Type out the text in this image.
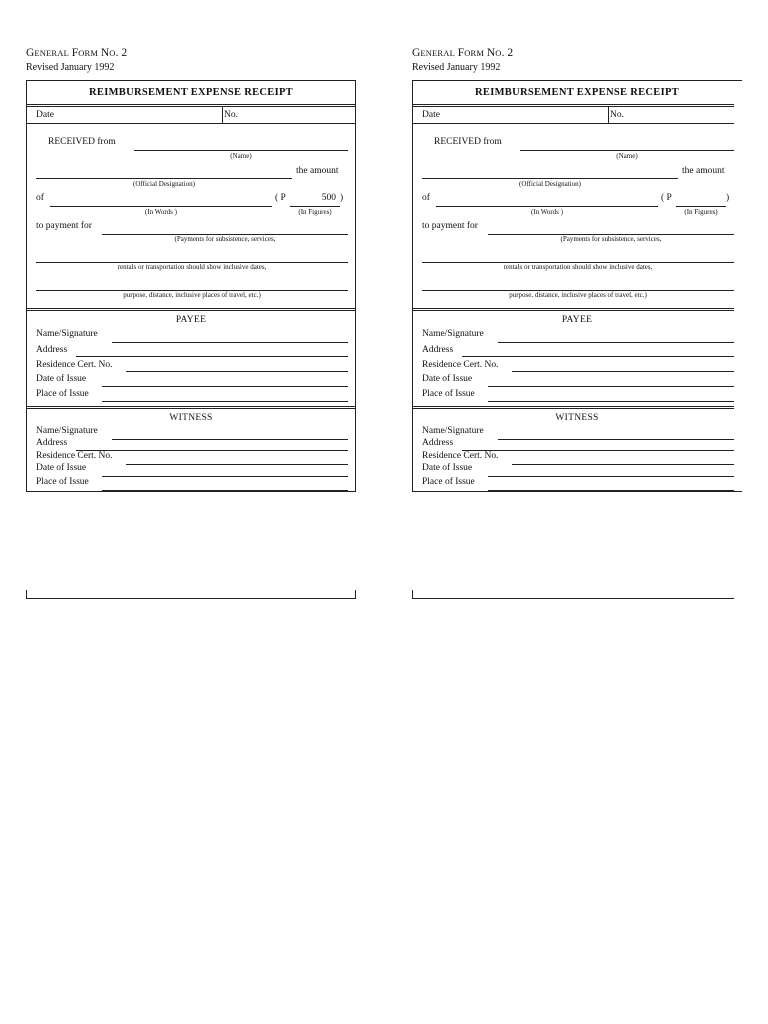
GENERAL FORM NO. 2
Revised January 1992
REIMBURSEMENT EXPENSE RECEIPT
Date	No.
RECEIVED from
(Name)
the amount
(Official Designation)
of
(In Words )
( P	500 )
(In Figures)
to payment for
(Payments for subsistence, services,
rentals or transportation should show inclusive dates,
purpose, distance, inclusive places of travel, etc.)
PAYEE
Name/Signature
Address
Residence Cert. No.
Date of Issue
Place of Issue
WITNESS
Name/Signature
Address
Residence Cert. No.
Date of Issue
Place of Issue
GENERAL FORM NO. 2
Revised January 1992
REIMBURSEMENT EXPENSE RECEIPT
Date	No.
RECEIVED from
(Name)
the amount
(Official Designation)
of
(In Words )
( P	)
(In Figures)
to payment for
(Payments for subsistence, services,
rentals or transportation should show inclusive dates,
purpose, distance, inclusive places of travel, etc.)
PAYEE
Name/Signature
Address
Residence Cert. No.
Date of Issue
Place of Issue
WITNESS
Name/Signature
Address
Residence Cert. No.
Date of Issue
Place of Issue
